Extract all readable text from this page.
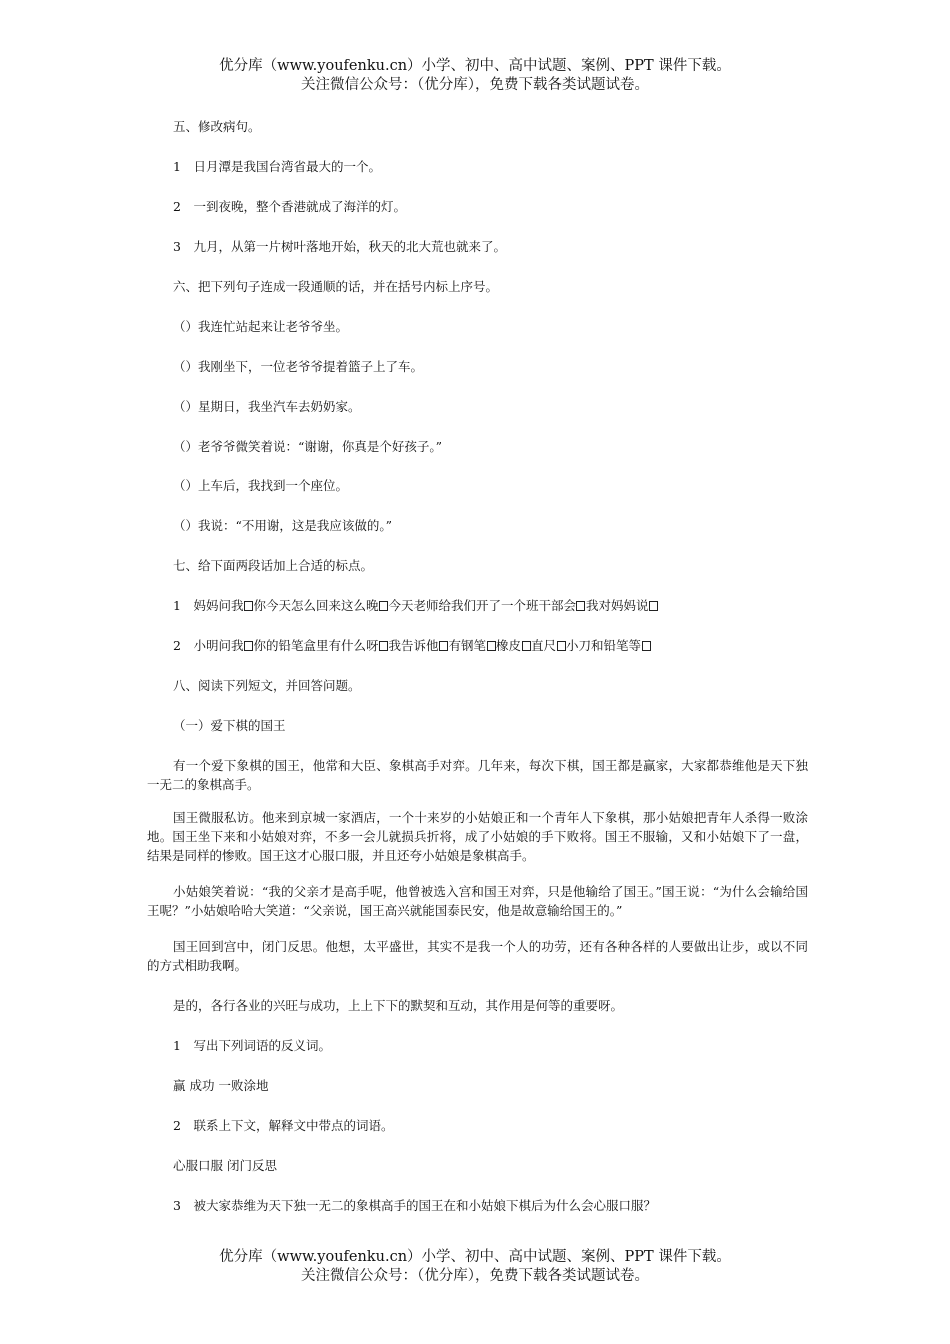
优分库（www.youfenku.cn）小学、初中、高中试题、案例、PPT 课件下载。
关注微信公众号：（优分库），免费下载各类试题试卷。
五、修改病句。
1　日月潭是我国台湾省最大的一个。
2　一到夜晚，整个香港就成了海洋的灯。
3　九月，从第一片树叶落地开始，秋天的北大荒也就来了。
六、把下列句子连成一段通顺的话，并在括号内标上序号。
（）我连忙站起来让老爷爷坐。
（）我刚坐下，一位老爷爷提着篮子上了车。
（）星期日，我坐汽车去奶奶家。
（）老爷爷微笑着说：“谢谢，你真是个好孩子。”
（）上车后，我找到一个座位。
（）我说：“不用谢，这是我应该做的。”
七、给下面两段话加上合适的标点。
1　妈妈问我 你今天怎么回来这么晚 今天老师给我们开了一个班干部会 我对妈妈说
2　小明问我 你的铅笔盒里有什么呀 我告诉他 有钢笔 橡皮 直尺 小刀和铅笔等
八、阅读下列短文，并回答问题。
（一）爱下棋的国王
有一个爱下象棋的国王，他常和大臣、象棋高手对弈。几年来，每次下棋，国王都是赢家，大家都恭维他是天下独一无二的象棋高手。
国王微服私访。他来到京城一家酒店，一个十来岁的小姑娘正和一个青年人下象棋，那小姑娘把青年人杀得一败涂地。国王坐下来和小姑娘对弈，不多一会儿就损兵折将，成了小姑娘的手下败将。国王不服输，又和小姑娘下了一盘，结果是同样的惨败。国王这才心服口服，并且还夸小姑娘是象棋高手。
小姑娘笑着说：“我的父亲才是高手呢，他曾被选入宫和国王对弈，只是他输给了国王。”国王说：“为什么会输给国王呢？”小姑娘哈哈大笑道：“父亲说，国王高兴就能国泰民安，他是故意输给国王的。”
国王回到宫中，闭门反思。他想，太平盛世，其实不是我一个人的功劳，还有各种各样的人要做出让步，或以不同的方式相助我啊。
是的，各行各业的兴旺与成功，上上下下的默契和互动，其作用是何等的重要呀。
1　写出下列词语的反义词。
赢 成功 一败涂地
2　联系上下文，解释文中带点的词语。
心服口服 闭门反思
3　被大家恭维为天下独一无二的象棋高手的国王在和小姑娘下棋后为什么会心服口服？
优分库（www.youfenku.cn）小学、初中、高中试题、案例、PPT 课件下载。
关注微信公众号：（优分库），免费下载各类试题试卷。
